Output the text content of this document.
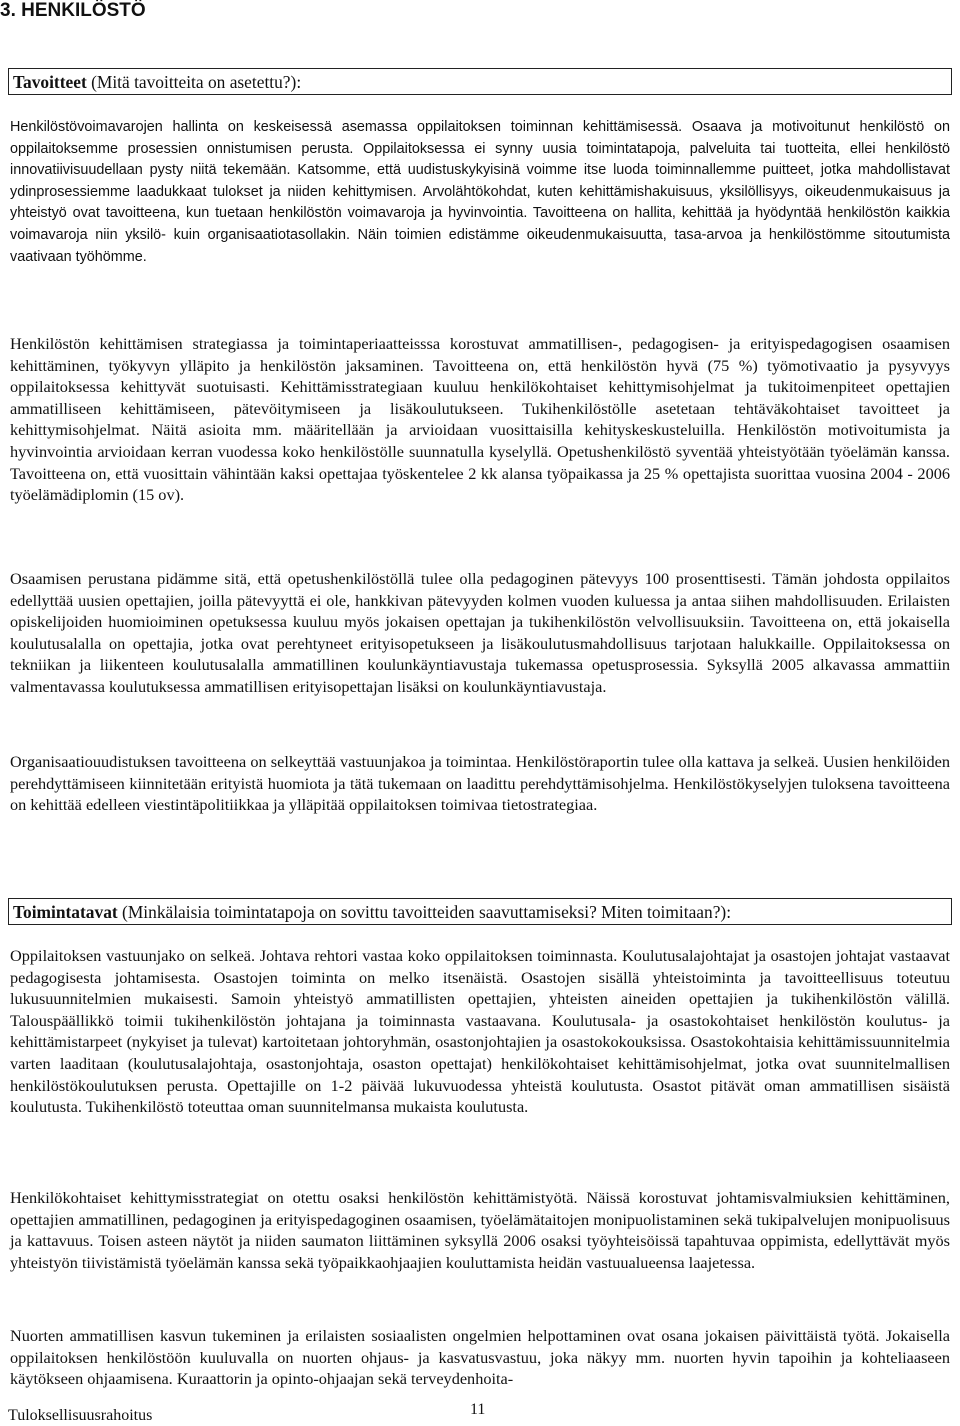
3. HENKILÖSTÖ
Tavoitteet (Mitä tavoitteita on asetettu?):

Henkilöstövoimavarojen hallinta on keskeisessä asemassa oppilaitoksen toiminnan kehittämisessä. Osaava ja motivoitunut henkilöstö on oppilaitoksemme prosessien onnistumisen perusta. Oppilaitoksessa ei synny uusia toimintatapoja, palveluita tai tuotteita, ellei henkilöstö innovatiivisuudellaan pysty niitä tekemään. Katsomme, että uudistuskykyisinä voimme itse luoda toiminnallemme puitteet, jotka mahdollistavat ydinprosessiemme laadukkaat tulokset ja niiden kehittymisen. Arvolähtökohdat, kuten kehittämishakuisuus, yksilöllisyys, oikeudenmukaisuus ja yhteistyö ovat tavoitteena, kun tuetaan henkilöstön voimavaroja ja hyvinvointia. Tavoitteena on hallita, kehittää ja hyödyntää henkilöstön kaikkia voimavaroja niin yksilö- kuin organisaatiotasollakin. Näin toimien edistämme oikeudenmukaisuutta, tasa-arvoa ja henkilöstömme sitoutumista vaativaan työhömme.

Henkilöstön kehittämisen strategiassa ja toimintaperiaatteisssa korostuvat ammatillisen-, pedagogisen- ja erityispedagogisen osaamisen kehittäminen, työkyvyn ylläpito ja henkilöstön jaksaminen. Tavoitteena on, että henkilöstön hyvä (75 %) työmotivaatio ja pysyvyys oppilaitoksessa kehittyvät suotuisasti. Kehittämisstrategiaan kuuluu henkilökohtaiset kehittymisohjelmat ja tukitoimenpiteet opettajien ammatilliseen kehittämiseen, pätevöitymiseen ja lisäkoulutukseen. Tukihenkilöstölle asetetaan tehtäväkohtaiset tavoitteet ja kehittymisohjelmat. Näitä asioita mm. määritellään ja arvioidaan vuosittaisilla kehityskeskusteluilla. Henkilöstön motivoitumista ja hyvinvointia arvioidaan kerran vuodessa koko henkilöstölle suunnatulla kyselyllä. Opetushenkilöstö syventää yhteistyötään työelämän kanssa. Tavoitteena on, että vuosittain vähintään kaksi opettajaa työskentelee 2 kk alansa työpaikassa ja 25 % opettajista suorittaa vuosina 2004 - 2006 työelämädiplomin (15 ov).

Osaamisen perustana pidämme sitä, että opetushenkilöstöllä tulee olla pedagoginen pätevyys 100 prosenttisesti. Tämän johdosta oppilaitos edellyttää uusien opettajien, joilla pätevyyttä ei ole, hankkivan pätevyyden kolmen vuoden kuluessa ja antaa siihen mahdollisuuden. Erilaisten opiskelijoiden huomioiminen opetuksessa kuuluu myös jokaisen opettajan ja tukihenkilöstön velvollisuuksiin. Tavoitteena on, että jokaisella koulutusalalla on opettajia, jotka ovat perehtyneet erityisopetukseen ja lisäkoulutusmahdollisuus tarjotaan halukkaille. Oppilaitoksessa on tekniikan ja liikenteen koulutusalalla ammatillinen koulunkäyntiavustaja tukemassa opetusprosessia. Syksyllä 2005 alkavassa ammattiin valmentavassa koulutuksessa ammatillisen erityisopettajan lisäksi on koulunkäyntiavustaja.

Organisaatiouudistuksen tavoitteena on selkeyttää vastuunjakoa ja toimintaa. Henkilöstöraportin tulee olla kattava ja selkeä. Uusien henkilöiden perehdyttämiseen kiinnitetään erityistä huomiota ja tätä tukemaan on laadittu perehdyttämisohjelma. Henkilöstökyselyjen tuloksena tavoitteena on kehittää edelleen viestintäpolitiikkaa ja ylläpitää oppilaitoksen toimivaa tietostrategiaa.

Toimintatavat (Minkälaisia toimintatapoja on sovittu tavoitteiden saavuttamiseksi? Miten toimitaan?):

Oppilaitoksen vastuunjako on selkeä. Johtava rehtori vastaa koko oppilaitoksen toiminnasta. Koulutusalajohtajat ja osastojen johtajat vastaavat pedagogisesta johtamisesta. Osastojen toiminta on melko itsenäistä. Osastojen sisällä yhteistoiminta ja tavoitteellisuus toteutuu lukusuunnitelmien mukaisesti. Samoin yhteistyö ammatillisten opettajien, yhteisten aineiden opettajien ja tukihenkilöstön välillä. Talouspäällikkö toimii tukihenkilöstön johtajana ja toiminnasta vastaavana. Koulutusala- ja osastokohtaiset henkilöstön koulutus- ja kehittämistarpeet (nykyiset ja tulevat) kartoitetaan johtoryhmän, osastonjohtajien ja osastokokouksissa. Osastokohtaisia kehittämissuunnitelmia varten laaditaan (koulutusalajohtaja, osastonjohtaja, osaston opettajat) henkilökohtaiset kehittämisohjelmat, jotka ovat suunnitelmallisen henkilöstökoulutuksen perusta. Opettajille on 1-2 päivää lukuvuodessa yhteistä koulutusta. Osastot pitävät oman ammatillisen sisäistä koulutusta. Tukihenkilöstö toteuttaa oman suunnitelmansa mukaista koulutusta.

Henkilökohtaiset kehittymisstrategiat on otettu osaksi henkilöstön kehittämistyötä. Näissä korostuvat johtamisvalmiuksien kehittäminen, opettajien ammatillinen, pedagoginen ja erityispedagoginen osaamisen, työelämätaitojen monipuolistaminen sekä tukipalvelujen monipuolisuus ja kattavuus. Toisen asteen näytöt ja niiden saumaton liittäminen syksyllä 2006 osaksi työyhteisöissä tapahtuvaa oppimista, edellyttävät myös yhteistyön tiivistämistä työelämän kanssa sekä työpaikkaohjaajien kouluttamista heidän vastuualueensa laajetessa.

Nuorten ammatillisen kasvun tukeminen ja erilaisten sosiaalisten ongelmien helpottaminen ovat osana jokaisen päivittäistä työtä. Jokaisella oppilaitoksen henkilöstöön kuuluvalla on nuorten ohjaus- ja kasvatusvastuu, joka näkyy mm. nuorten hyvin tapoihin ja kohteliaaseen käytökseen ohjaamisena. Kuraattorin ja opinto-ohjaajan sekä terveydenhoita-

Tuloksellisuusrahoitus	11
